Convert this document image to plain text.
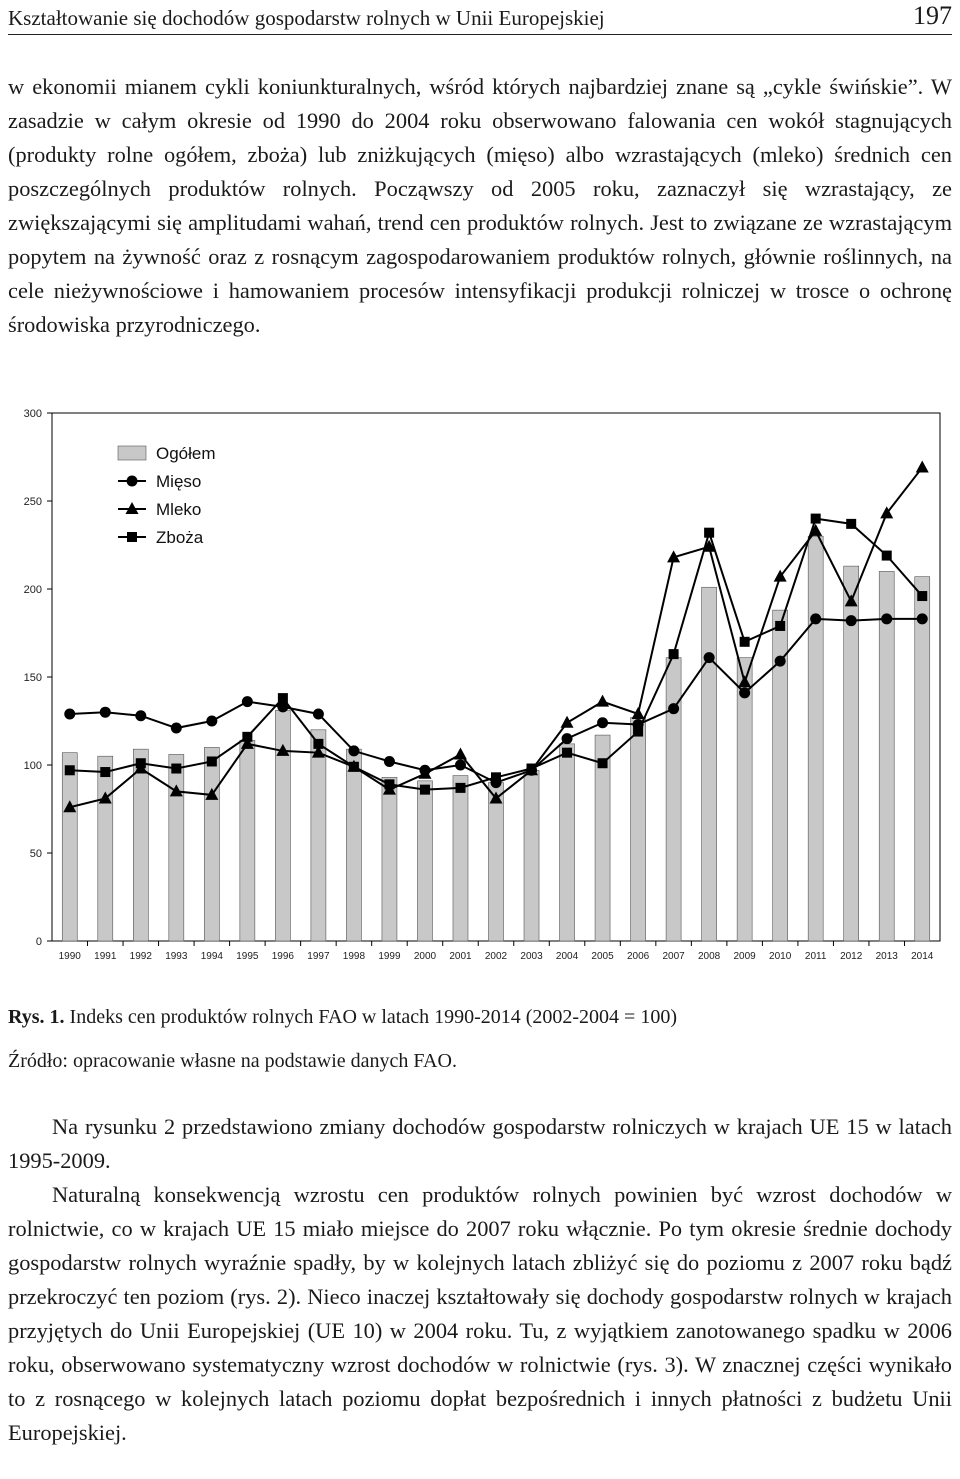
Kształtowanie się dochodów gospodarstw rolnych w Unii Europejskiej	197

w ekonomii mianem cykli koniunkturalnych, wśród których najbardziej znane są „cykle świńskie”. W zasadzie w całym okresie od 1990 do 2004 roku obserwowano falowania cen wokół stagnujących (produkty rolne ogółem, zboża) lub zniżkujących (mięso) albo wzrastających (mleko) średnich cen poszczególnych produktów rolnych. Począwszy od 2005 roku, zaznaczył się wzrastający, ze zwiększającymi się amplitudami wahań, trend cen produktów rolnych. Jest to związane ze wzrastającym popytem na żywność oraz z rosnącym zagospodarowaniem produktów rolnych, głównie roślinnych, na cele nieżywnościowe i hamowaniem procesów intensyfikacji produkcji rolniczej w trosce o ochronę środowiska przyrodniczego.

0
50
100
150
200
250
300
1990 1991 1992 1993 1994 1995 1996 1997 1998 1999 2000 2001 2002 2003 2004 2005 2006 2007 2008 2009 2010 2011 2012 2013 2014
Ogółem
Mięso
Mleko
Zboża
Rys. 1. Indeks cen produktów rolnych FAO w latach 1990-2014 (2002-2004 = 100)
Źródło: opracowanie własne na podstawie danych FAO.

Na rysunku 2 przedstawiono zmiany dochodów gospodarstw rolniczych w krajach UE 15 w latach 1995-2009.

Naturalną konsekwencją wzrostu cen produktów rolnych powinien być wzrost dochodów w rolnictwie, co w krajach UE 15 miało miejsce do 2007 roku włącznie. Po tym okresie średnie dochody gospodarstw rolnych wyraźnie spadły, by w kolejnych latach zbliżyć się do poziomu z 2007 roku bądź przekroczyć ten poziom (rys. 2). Nieco inaczej kształtowały się dochody gospodarstw rolnych w krajach przyjętych do Unii Europejskiej (UE 10) w 2004 roku. Tu, z wyjątkiem zanotowanego spadku w 2006 roku, obserwowano systematyczny wzrost dochodów w rolnictwie (rys. 3). W znacznej części wynikało to z rosnącego w kolejnych latach poziomu dopłat bezpośrednich i innych płatności z budżetu Unii Europejskiej.
